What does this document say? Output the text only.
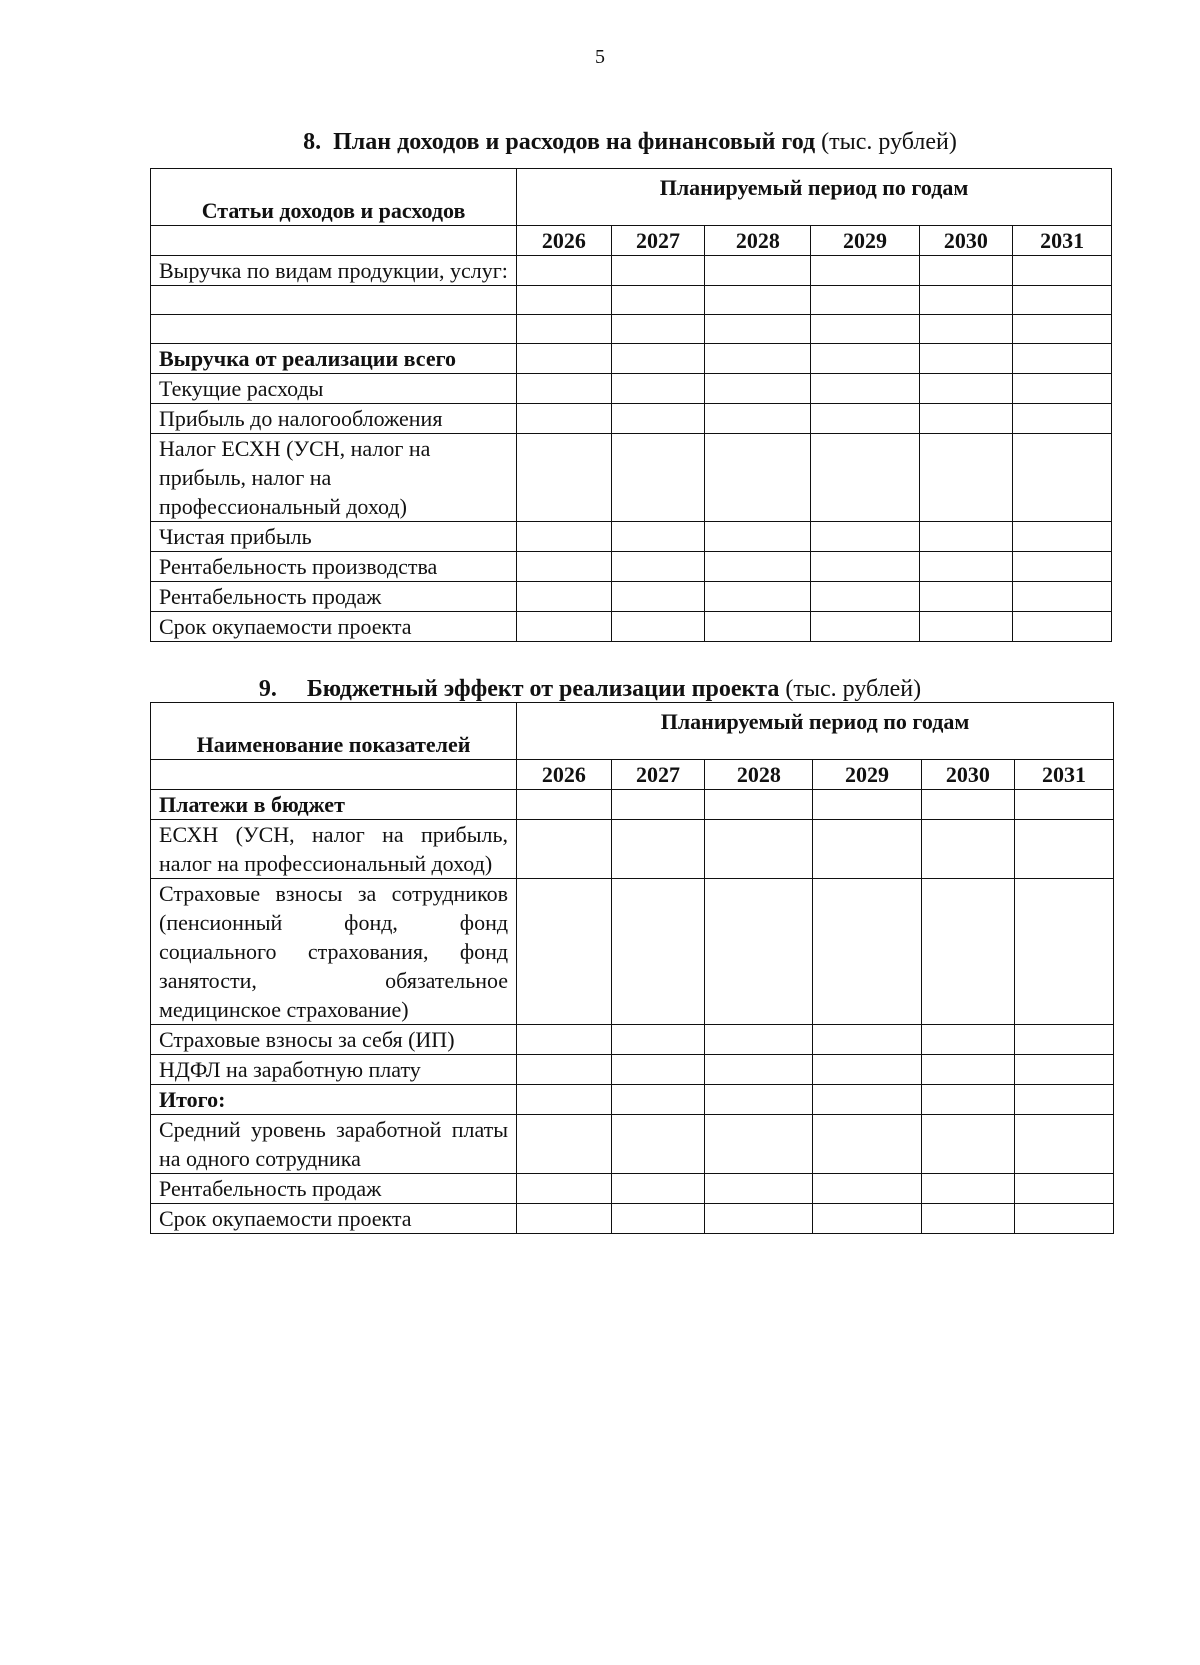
5
8. План доходов и расходов на финансовый год (тыс. рублей)
Статьи доходов и расходов	Планируемый период по годам					
	2026	2027	2028	2029	2030	2031
Выручка по видам продукции, услуг:						

Выручка от реализации всего						
Текущие расходы						
Прибыль до налогообложения						
Налог ЕСХН (УСН, налог на прибыль, налог на профессиональный доход)						
Чистая прибыль						
Рентабельность производства						
Рентабельность продаж						
Срок окупаемости проекта						
9. Бюджетный эффект от реализации проекта (тыс. рублей)
Наименование показателей	Планируемый период по годам					
	2026	2027	2028	2029	2030	2031
Платежи в бюджет						
ЕСХН (УСН, налог на прибыль, налог на профессиональный доход)						
Страховые взносы за сотрудников (пенсионный фонд, фонд социального страхования, фонд занятости, обязательное медицинское страхование)						
Страховые взносы за себя (ИП)						
НДФЛ на заработную плату						
Итого:						
Средний уровень заработной платы на одного сотрудника						
Рентабельность продаж						
Срок окупаемости проекта						
